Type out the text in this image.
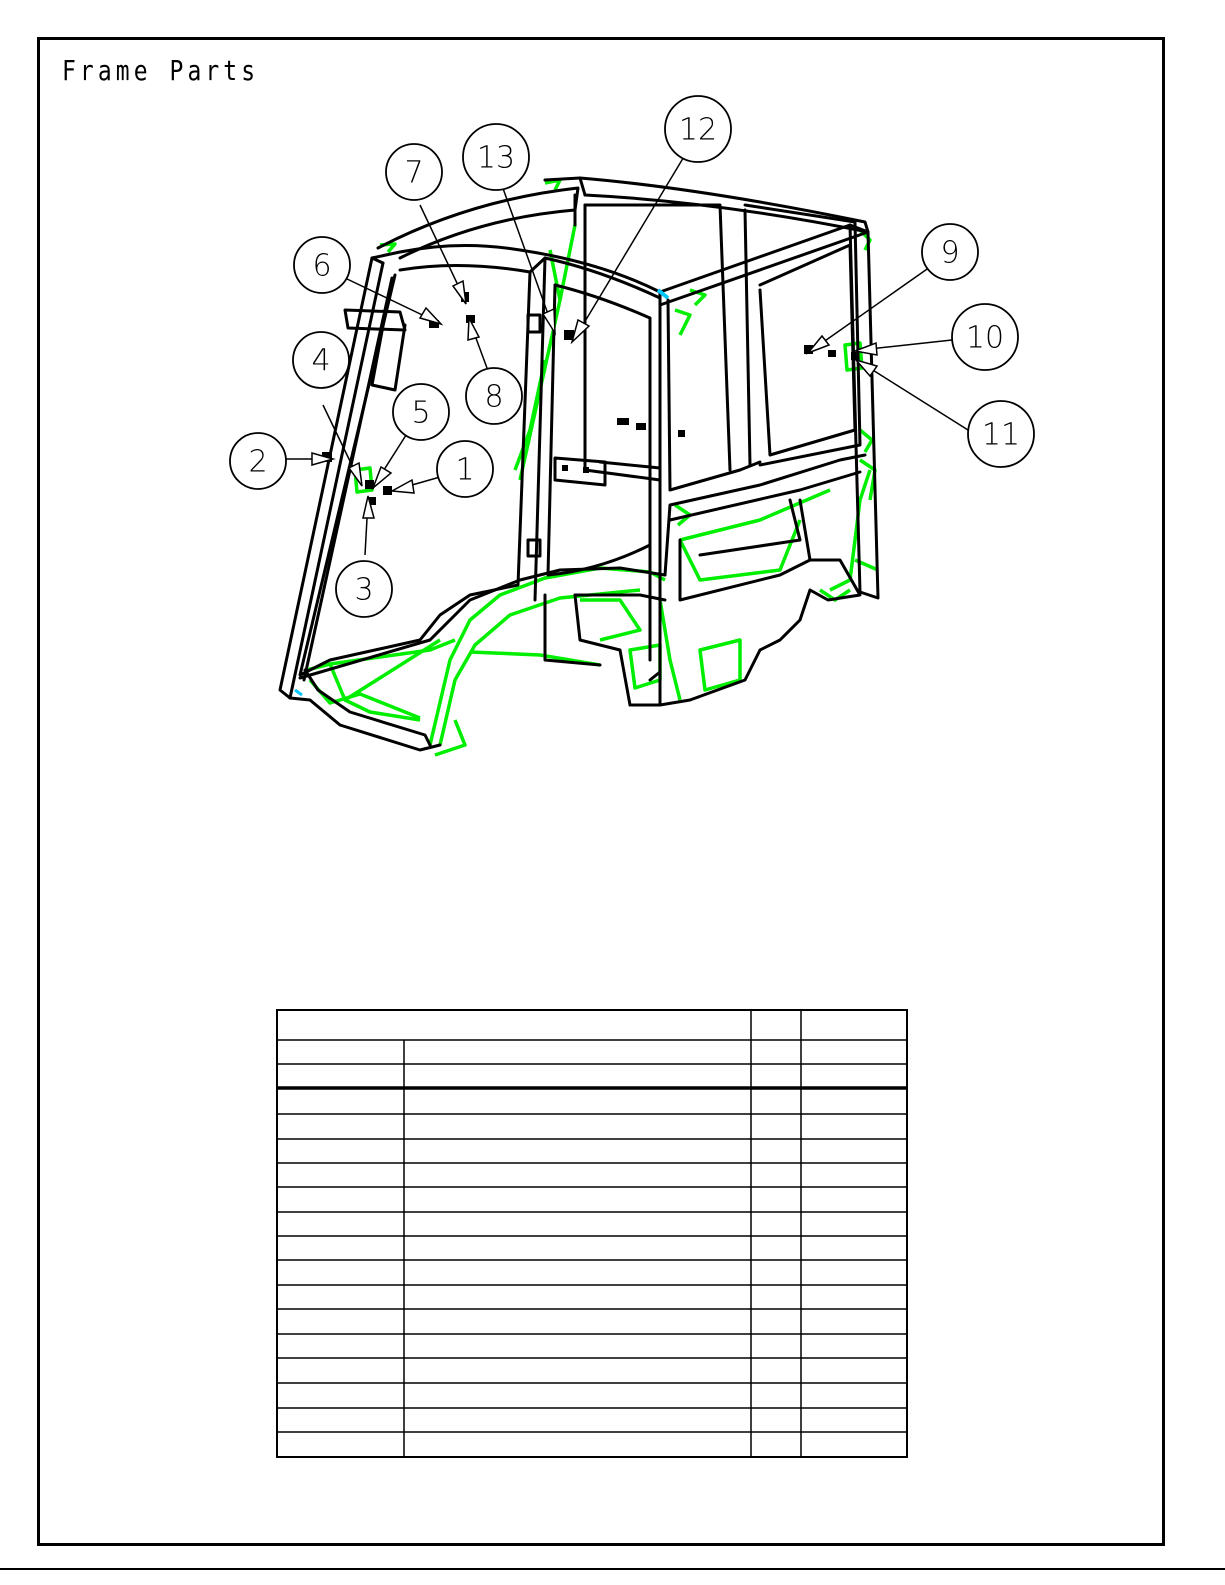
Frame Parts
1
2
3
4
5
6
7
8
9
10
11
12
13
